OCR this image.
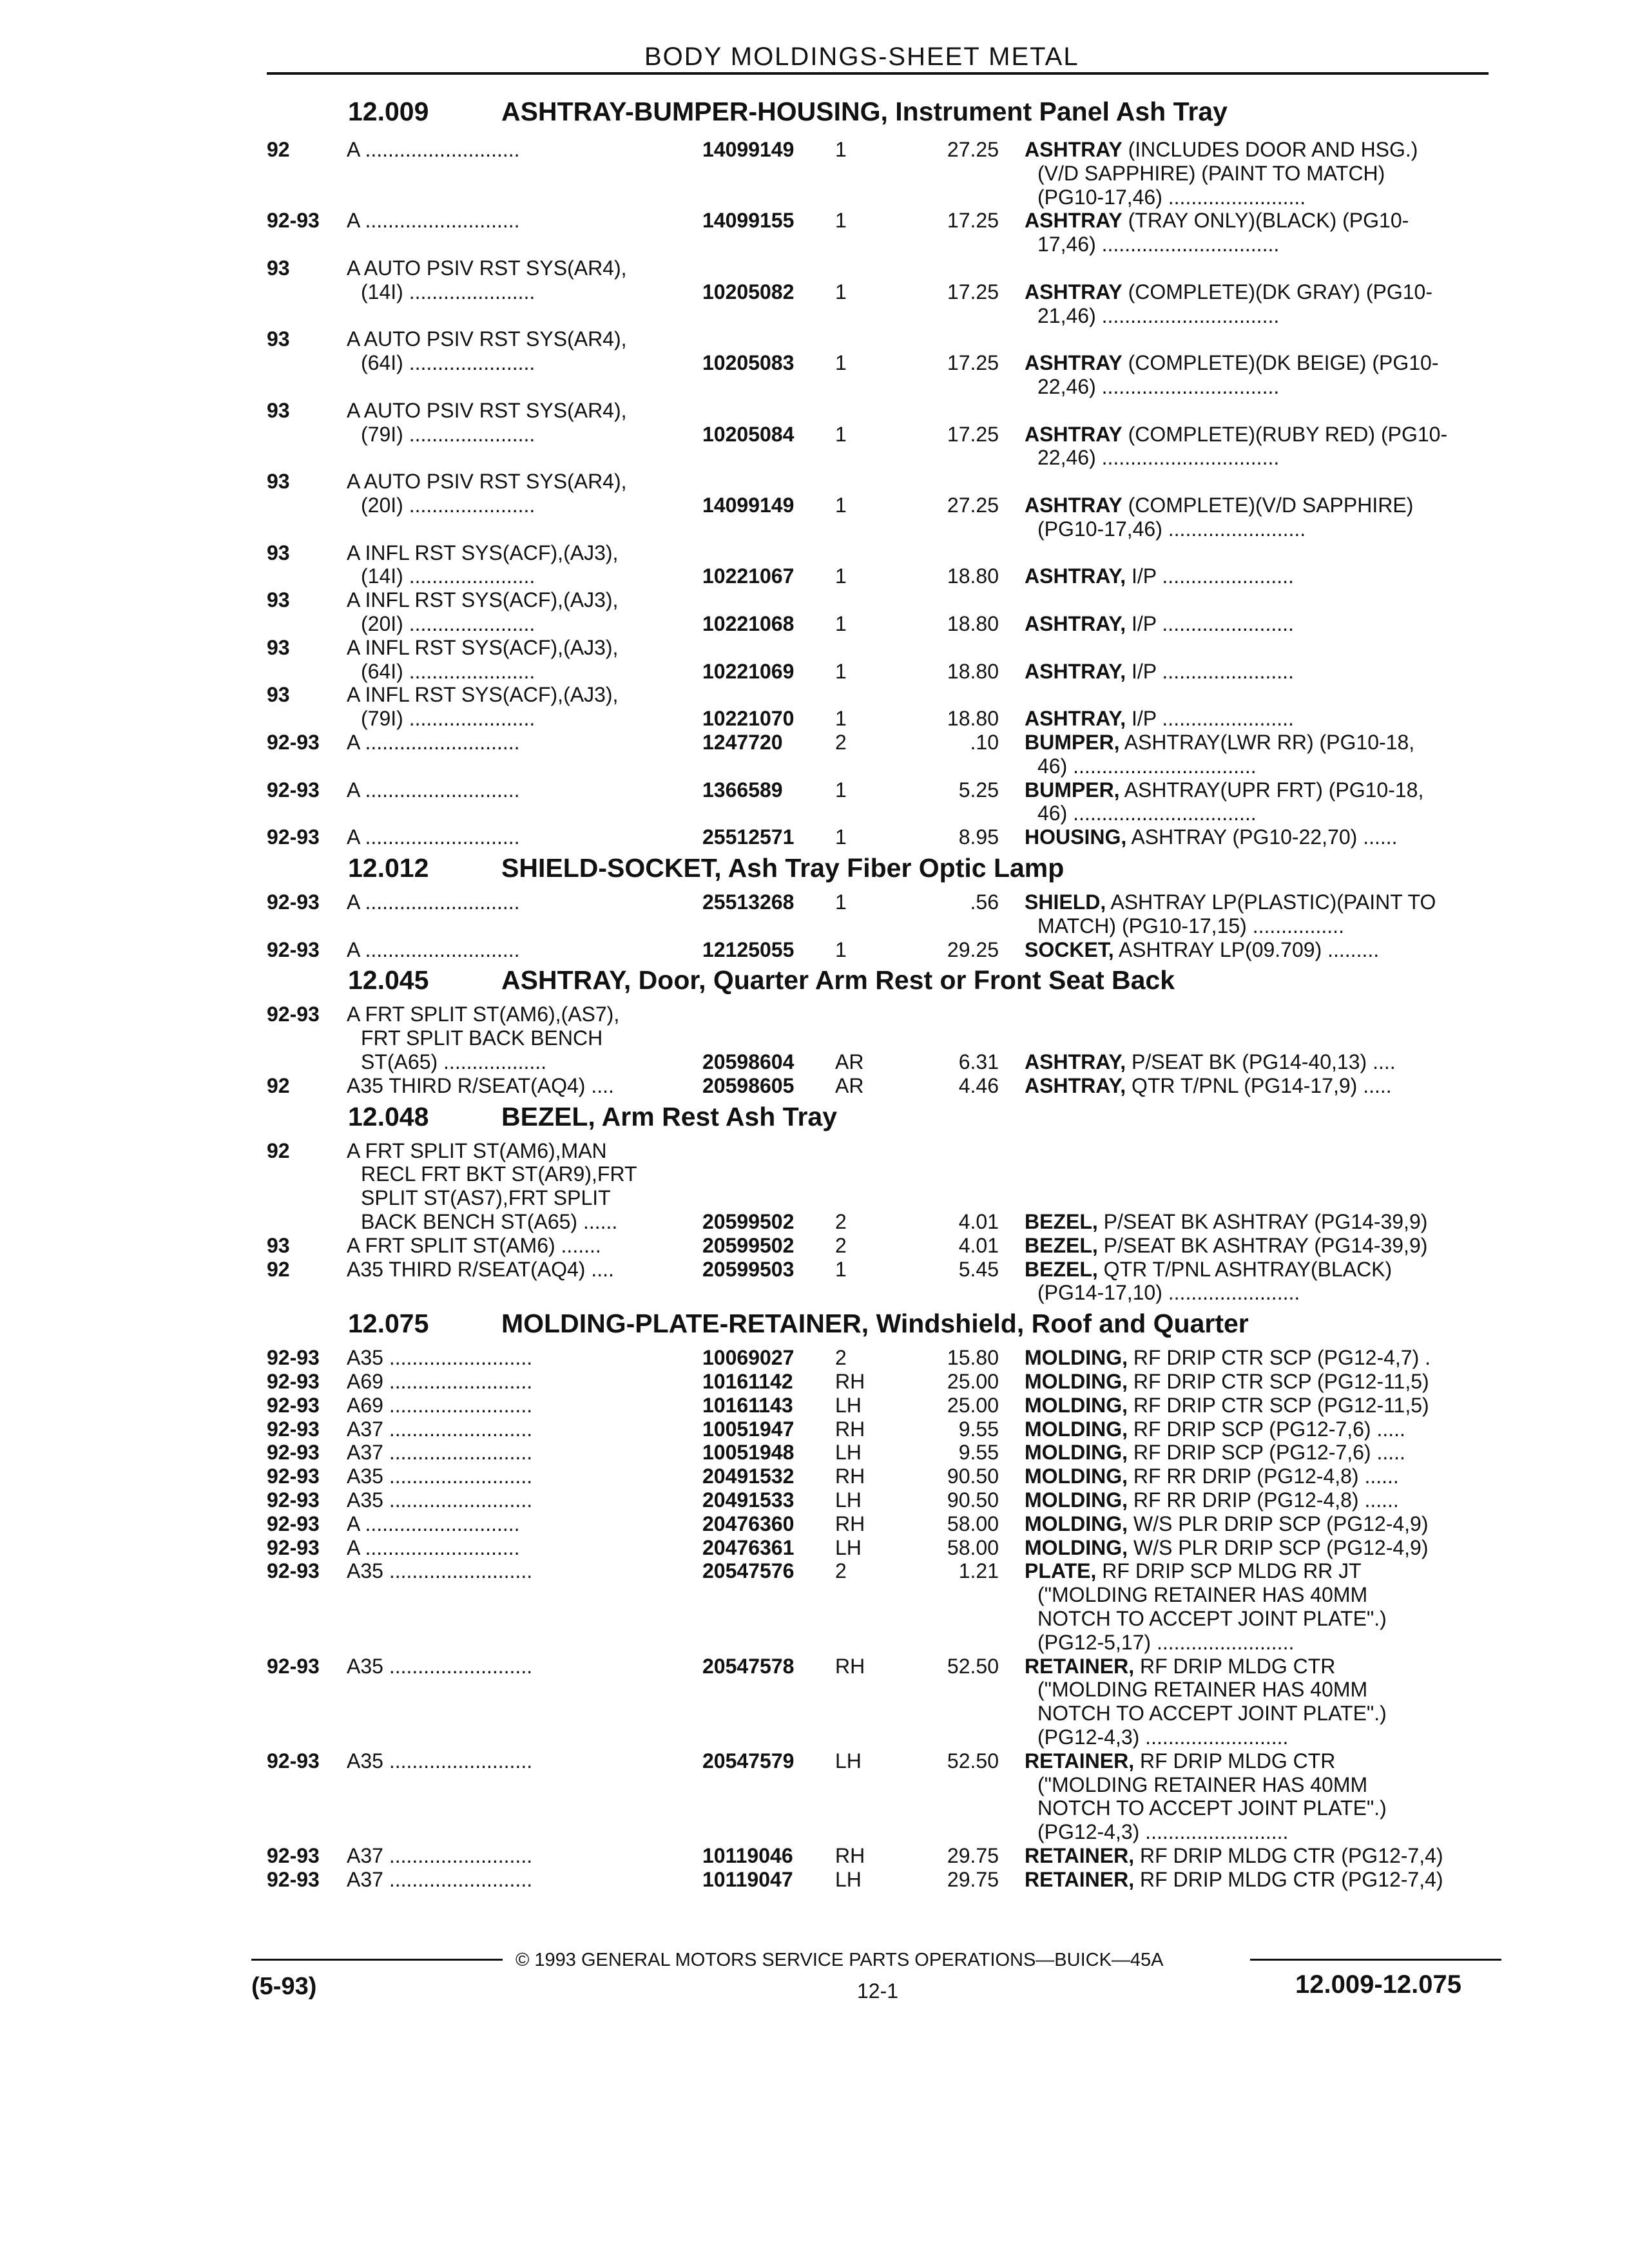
BODY MOLDINGS-SHEET METAL
12.009	ASHTRAY-BUMPER-HOUSING, Instrument Panel Ash Tray
92	A ...........................	14099149 1	27.25 ASHTRAY (INCLUDES DOOR AND HSG.)
(V/D SAPPHIRE) (PAINT TO MATCH)
(PG10-17,46) ........................
92-93 A ...........................	14099155 1	17.25 ASHTRAY (TRAY ONLY)(BLACK) (PG10-
17,46) ...............................
93	A AUTO PSIV RST SYS(AR4),
(14I) ......................	10205082 1	17.25 ASHTRAY (COMPLETE)(DK GRAY) (PG10-
21,46) ...............................
93	A AUTO PSIV RST SYS(AR4),
(64I) ......................	10205083 1	17.25 ASHTRAY (COMPLETE)(DK BEIGE) (PG10-
22,46) ...............................
93	A AUTO PSIV RST SYS(AR4),
(79I) ......................	10205084 1	17.25 ASHTRAY (COMPLETE)(RUBY RED) (PG10-
22,46) ...............................
93	A AUTO PSIV RST SYS(AR4),
(20I) ......................	14099149 1	27.25 ASHTRAY (COMPLETE)(V/D SAPPHIRE)
(PG10-17,46) ........................
93	A INFL RST SYS(ACF),(AJ3),
(14I) ......................	10221067 1	18.80 ASHTRAY, I/P .......................
93	A INFL RST SYS(ACF),(AJ3),
(20I) ......................	10221068 1	18.80 ASHTRAY, I/P .......................
93	A INFL RST SYS(ACF),(AJ3),
(64I) ......................	10221069 1	18.80 ASHTRAY, I/P .......................
93	A INFL RST SYS(ACF),(AJ3),
(79I) ......................	10221070 1	18.80 ASHTRAY, I/P .......................
92-93 A ...........................	1247720	2	.10 BUMPER, ASHTRAY(LWR RR) (PG10-18,
46) ................................
92-93 A ...........................	1366589	1	5.25 BUMPER, ASHTRAY(UPR FRT) (PG10-18,
46) ................................
92-93 A ...........................	25512571 1	8.95 HOUSING, ASHTRAY (PG10-22,70) ......
12.012	SHIELD-SOCKET, Ash Tray Fiber Optic Lamp
92-93 A ...........................	25513268 1	.56 SHIELD, ASHTRAY LP(PLASTIC)(PAINT TO
MATCH) (PG10-17,15) ................
92-93 A ...........................	12125055 1	29.25 SOCKET, ASHTRAY LP(09.709) .........
12.045	ASHTRAY, Door, Quarter Arm Rest or Front Seat Back
92-93 A FRT SPLIT ST(AM6),(AS7),
FRT SPLIT BACK BENCH
ST(A65) ..................	20598604 AR	6.31 ASHTRAY, P/SEAT BK (PG14-40,13) ....
92	A35 THIRD R/SEAT(AQ4) ....	20598605 AR	4.46 ASHTRAY, QTR T/PNL (PG14-17,9) .....
12.048	BEZEL, Arm Rest Ash Tray
92	A FRT SPLIT ST(AM6),MAN
RECL FRT BKT ST(AR9),FRT
SPLIT ST(AS7),FRT SPLIT
BACK BENCH ST(A65) ......	20599502 2	4.01 BEZEL, P/SEAT BK ASHTRAY (PG14-39,9)
93	A FRT SPLIT ST(AM6) .......	20599502 2	4.01 BEZEL, P/SEAT BK ASHTRAY (PG14-39,9)
92	A35 THIRD R/SEAT(AQ4) ....	20599503 1	5.45 BEZEL, QTR T/PNL ASHTRAY(BLACK)
(PG14-17,10) .......................
12.075	MOLDING-PLATE-RETAINER, Windshield, Roof and Quarter
92-93 A35 .........................	10069027 2	15.80 MOLDING, RF DRIP CTR SCP (PG12-4,7) .
92-93 A69 .........................	10161142 RH	25.00 MOLDING, RF DRIP CTR SCP (PG12-11,5)
92-93 A69 .........................	10161143 LH	25.00 MOLDING, RF DRIP CTR SCP (PG12-11,5)
92-93 A37 .........................	10051947 RH	9.55 MOLDING, RF DRIP SCP (PG12-7,6) .....
92-93 A37 .........................	10051948 LH	9.55 MOLDING, RF DRIP SCP (PG12-7,6) .....
92-93 A35 .........................	20491532 RH	90.50 MOLDING, RF RR DRIP (PG12-4,8) ......
92-93 A35 .........................	20491533 LH	90.50 MOLDING, RF RR DRIP (PG12-4,8) ......
92-93 A ...........................	20476360 RH	58.00 MOLDING, W/S PLR DRIP SCP (PG12-4,9)
92-93 A ...........................	20476361 LH	58.00 MOLDING, W/S PLR DRIP SCP (PG12-4,9)
92-93 A35 .........................	20547576 2	1.21 PLATE, RF DRIP SCP MLDG RR JT
("MOLDING RETAINER HAS 40MM
NOTCH TO ACCEPT JOINT PLATE".)
(PG12-5,17) ........................
92-93 A35 .........................	20547578 RH	52.50 RETAINER, RF DRIP MLDG CTR
("MOLDING RETAINER HAS 40MM
NOTCH TO ACCEPT JOINT PLATE".)
(PG12-4,3) .........................
92-93 A35 .........................	20547579 LH	52.50 RETAINER, RF DRIP MLDG CTR
("MOLDING RETAINER HAS 40MM
NOTCH TO ACCEPT JOINT PLATE".)
(PG12-4,3) .........................
92-93 A37 .........................	10119046 RH	29.75 RETAINER, RF DRIP MLDG CTR (PG12-7,4)
92-93 A37 .........................	10119047 LH	29.75 RETAINER, RF DRIP MLDG CTR (PG12-7,4)
© 1993 GENERAL MOTORS SERVICE PARTS OPERATIONS—BUICK—45A
(5-93)	12-1	12.009-12.075
